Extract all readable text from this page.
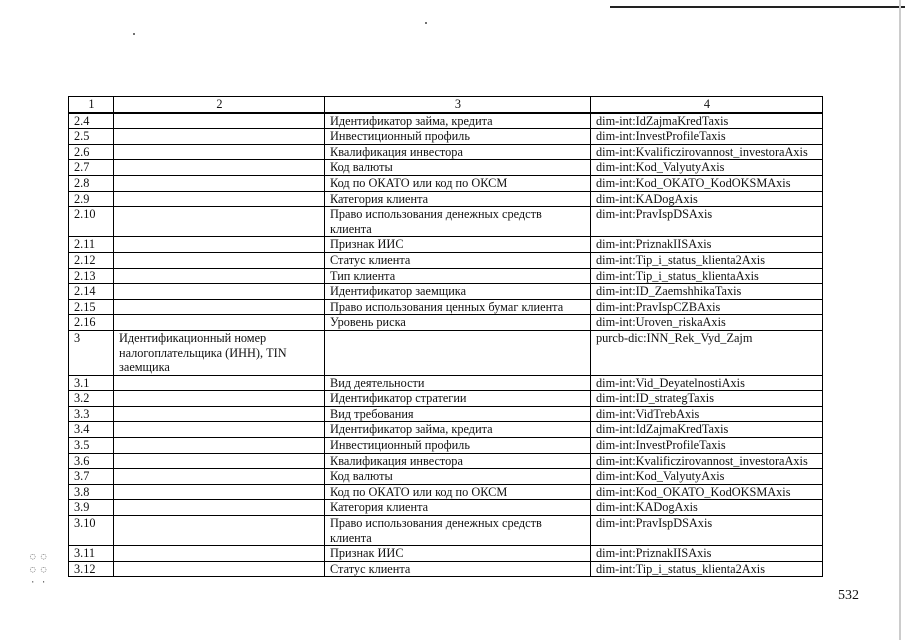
◌ ◌
◌ ◌
· ·
1	2	3	4
2.4		Идентификатор займа, кредита	dim-int:IdZajmaKredTaxis
2.5		Инвестиционный профиль	dim-int:InvestProfileTaxis
2.6		Квалификация инвестора	dim-int:Kvalificzirovannost_investoraAxis
2.7		Код валюты	dim-int:Kod_ValyutyAxis
2.8		Код по ОКАТО или код по ОКСМ	dim-int:Kod_OKATO_KodOKSMAxis
2.9		Категория клиента	dim-int:KADogAxis
2.10		Право использования денежных средств клиента	dim-int:PravIspDSAxis
2.11		Признак ИИС	dim-int:PriznakIISAxis
2.12		Статус клиента	dim-int:Tip_i_status_klienta2Axis
2.13		Тип клиента	dim-int:Tip_i_status_klientaAxis
2.14		Идентификатор заемщика	dim-int:ID_ZaemshhikaTaxis
2.15		Право использования ценных бумаг клиента	dim-int:PravIspCZBAxis
2.16		Уровень риска	dim-int:Uroven_riskaAxis
3	Идентификационный номер налогоплательщика (ИНН), TIN заемщика		purcb-dic:INN_Rek_Vyd_Zajm
3.1		Вид деятельности	dim-int:Vid_DeyatelnostiAxis
3.2		Идентификатор стратегии	dim-int:ID_strategTaxis
3.3		Вид требования	dim-int:VidTrebAxis
3.4		Идентификатор займа, кредита	dim-int:IdZajmaKredTaxis
3.5		Инвестиционный профиль	dim-int:InvestProfileTaxis
3.6		Квалификация инвестора	dim-int:Kvalificzirovannost_investoraAxis
3.7		Код валюты	dim-int:Kod_ValyutyAxis
3.8		Код по ОКАТО или код по ОКСМ	dim-int:Kod_OKATO_KodOKSMAxis
3.9		Категория клиента	dim-int:KADogAxis
3.10		Право использования денежных средств клиента	dim-int:PravIspDSAxis
3.11		Признак ИИС	dim-int:PriznakIISAxis
3.12		Статус клиента	dim-int:Tip_i_status_klienta2Axis
532
